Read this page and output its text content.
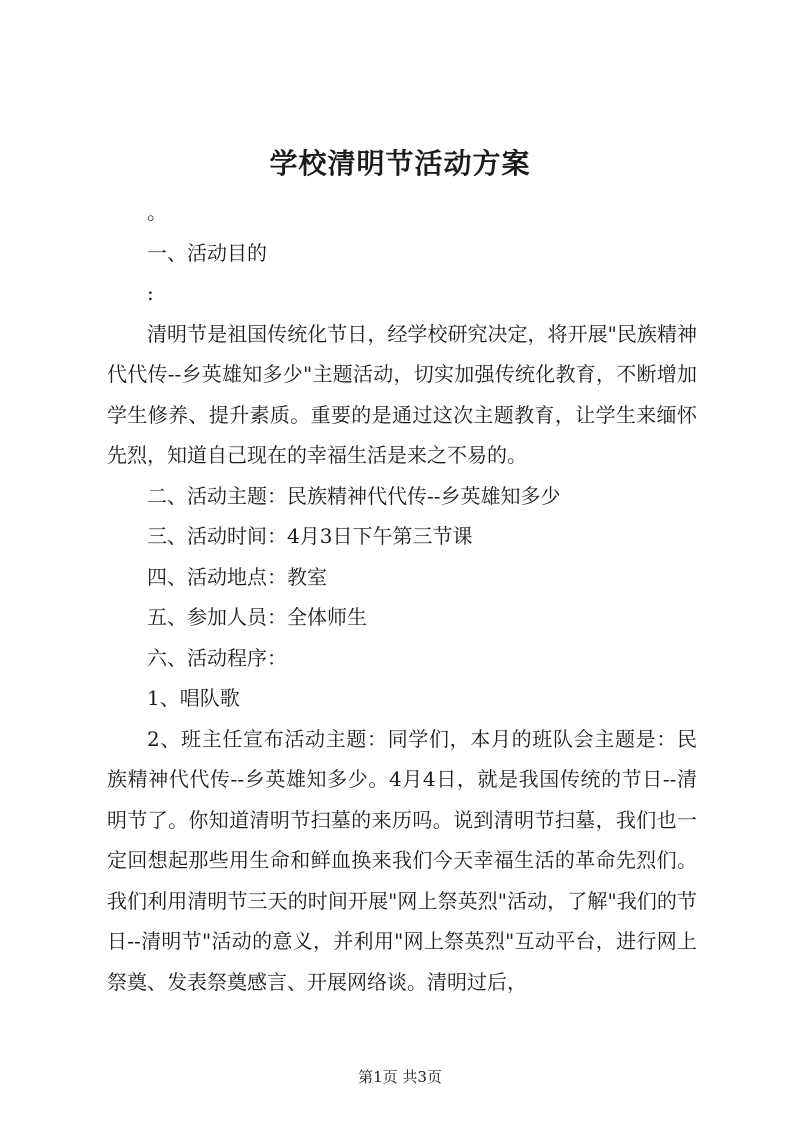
学校清明节活动方案

。

一、活动目的

:

清明节是祖国传统化节日，经学校研究决定，将开展"民族精神代代传--乡英雄知多少"主题活动，切实加强传统化教育，不断增加学生修养、提升素质。重要的是通过这次主题教育，让学生来缅怀先烈，知道自己现在的幸福生活是来之不易的。

二、活动主题：民族精神代代传--乡英雄知多少

三、活动时间：4月3日下午第三节课

四、活动地点：教室

五、参加人员：全体师生

六、活动程序：

1、唱队歌

2、班主任宣布活动主题：同学们，本月的班队会主题是：民族精神代代传--乡英雄知多少。4月4日，就是我国传统的节日--清明节了。你知道清明节扫墓的来历吗。说到清明节扫墓，我们也一定回想起那些用生命和鲜血换来我们今天幸福生活的革命先烈们。我们利用清明节三天的时间开展"网上祭英烈"活动，了解"我们的节日--清明节"活动的意义，并利用"网上祭英烈"互动平台，进行网上祭奠、发表祭奠感言、开展网络谈。清明过后，

第1页 共3页
